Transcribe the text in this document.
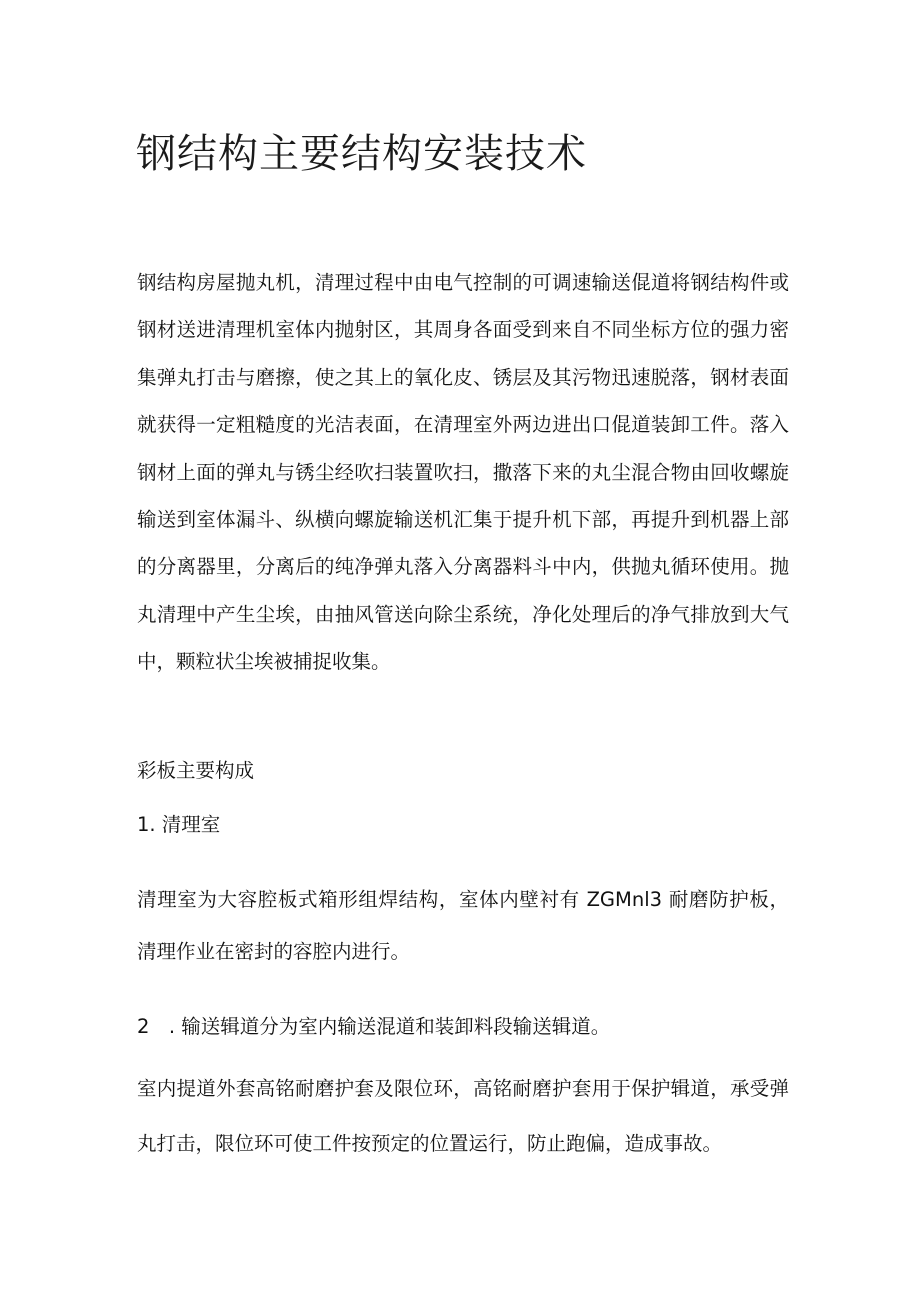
钢结构主要结构安装技术

钢结构房屋抛丸机，清理过程中由电气控制的可调速输送倱道将钢结构件或钢材送进清理机室体内抛射区，其周身各面受到来自不同坐标方位的强力密集弹丸打击与磨擦，使之其上的氧化皮、锈层及其污物迅速脱落，钢材表面就获得一定粗糙度的光洁表面，在清理室外两边进出口倱道装卸工件。落入钢材上面的弹丸与锈尘经吹扫装置吹扫，撒落下来的丸尘混合物由回收螺旋输送到室体漏斗、纵横向螺旋输送机汇集于提升机下部，再提升到机器上部的分离器里，分离后的纯净弹丸落入分离器料斗中内，供抛丸循环使用。抛丸清理中产生尘埃，由抽风管送向除尘系统，净化处理后的净气排放到大气中，颗粒状尘埃被捕捉收集。

彩板主要构成

1. 清理室

清理室为大容腔板式箱形组焊结构，室体内壁衬有 ZGMnl3 耐磨防护板，清理作业在密封的容腔内进行。

2　. 输送辑道分为室内输送混道和装卸料段输送辑道。

室内提道外套高铭耐磨护套及限位环，高铭耐磨护套用于保护辑道，承受弹丸打击，限位环可使工件按预定的位置运行，防止跑偏，造成事故。
